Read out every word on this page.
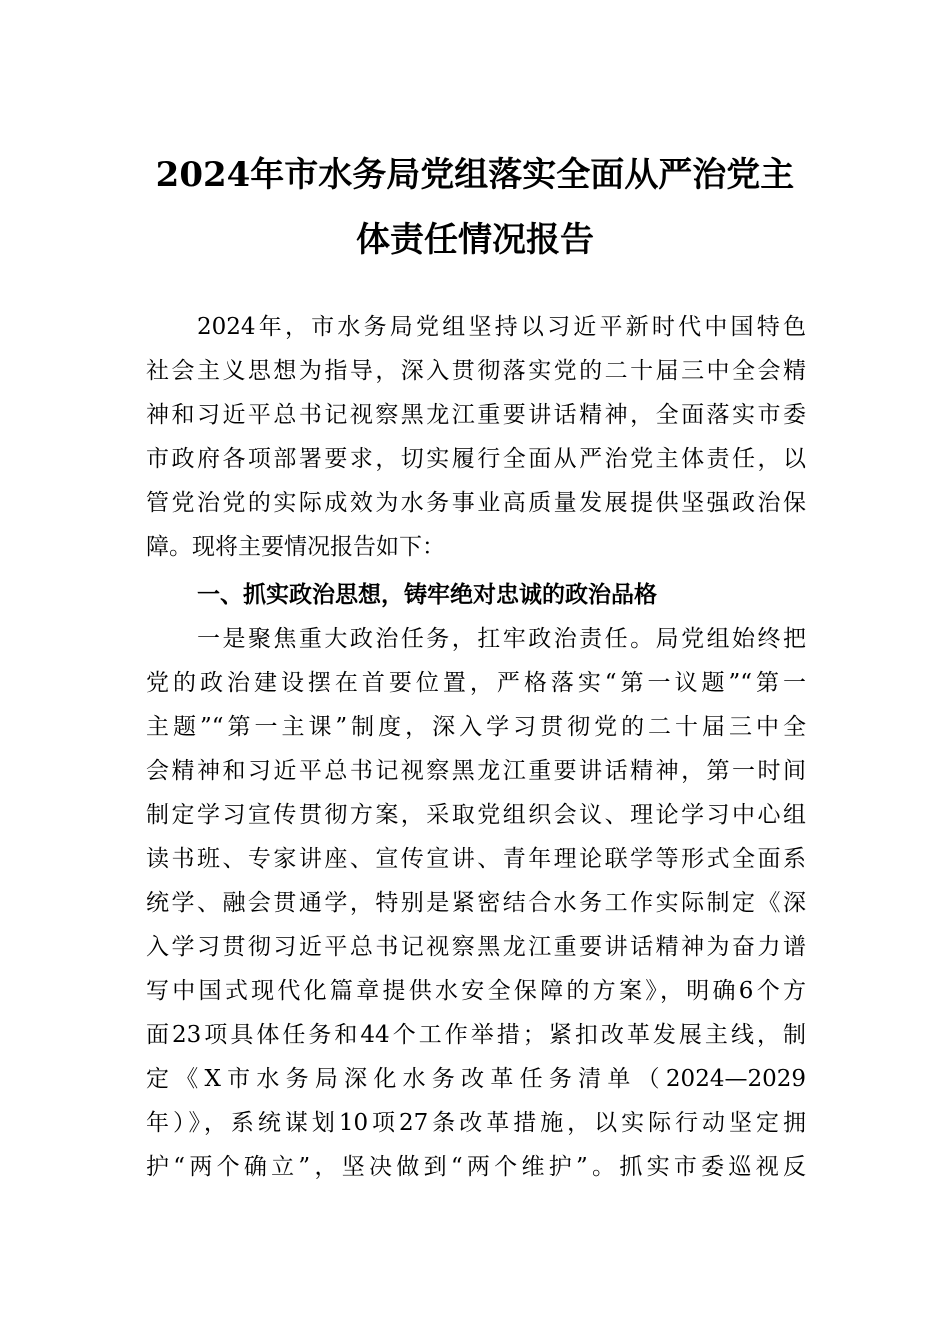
2024年市水务局党组落实全面从严治党主
体责任情况报告
2024年，市水务局党组坚持以习近平新时代中国特色
社会主义思想为指导，深入贯彻落实党的二十届三中全会精
神和习近平总书记视察黑龙江重要讲话精神，全面落实市委
市政府各项部署要求，切实履行全面从严治党主体责任，以
管党治党的实际成效为水务事业高质量发展提供坚强政治保
障。现将主要情况报告如下：
一、抓实政治思想，铸牢绝对忠诚的政治品格
一是聚焦重大政治任务，扛牢政治责任。局党组始终把
党的政治建设摆在首要位置，严格落实“第一议题”“第一
主题”“第一主课”制度，深入学习贯彻党的二十届三中全
会精神和习近平总书记视察黑龙江重要讲话精神，第一时间
制定学习宣传贯彻方案，采取党组织会议、理论学习中心组
读书班、专家讲座、宣传宣讲、青年理论联学等形式全面系
统学、融会贯通学，特别是紧密结合水务工作实际制定《深
入学习贯彻习近平总书记视察黑龙江重要讲话精神为奋力谱
写中国式现代化篇章提供水安全保障的方案》，明确6个方
面23项具体任务和44个工作举措；紧扣改革发展主线，制
定《X市水务局深化水务改革任务清单（2024—2029
年）》，系统谋划10项27条改革措施，以实际行动坚定拥
护“两个确立”，坚决做到“两个维护”。抓实市委巡视反
